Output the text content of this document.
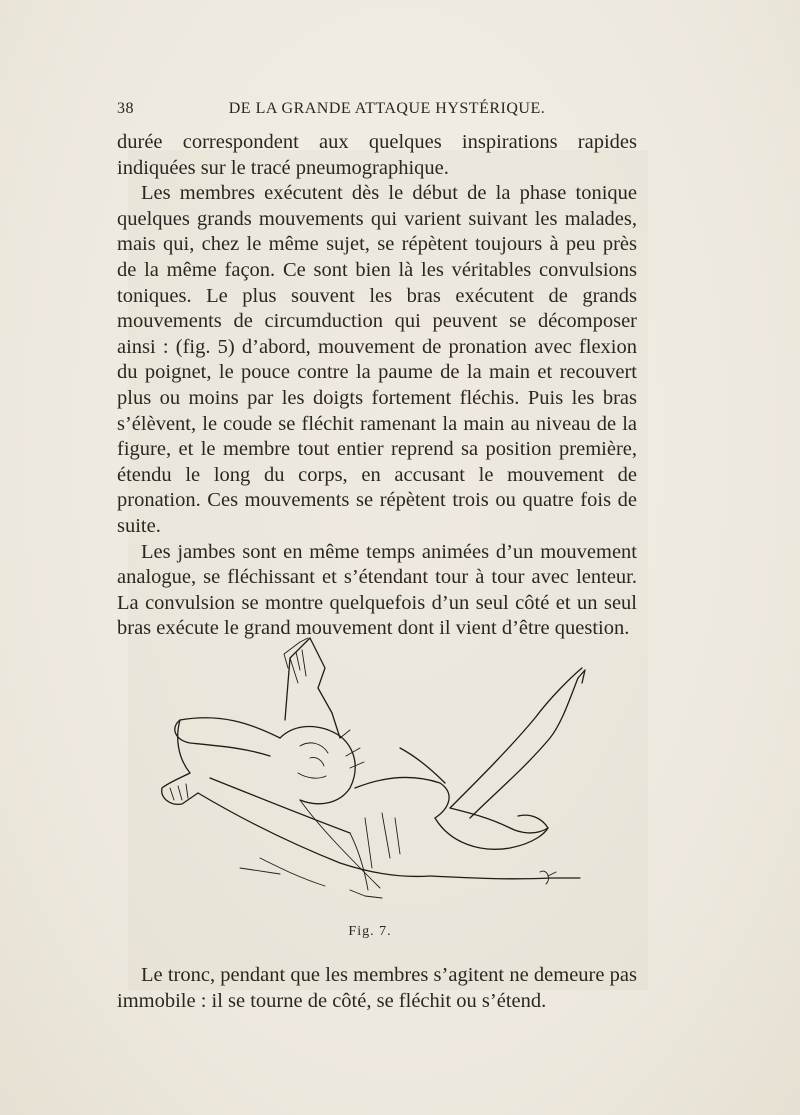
38	DE LA GRANDE ATTAQUE HYSTÉRIQUE.

durée correspondent aux quelques inspirations rapides indiquées sur le tracé pneumographique.

Les membres exécutent dès le début de la phase tonique quelques grands mouvements qui varient suivant les malades, mais qui, chez le même sujet, se répètent toujours à peu près de la même façon. Ce sont bien là les véritables convulsions toniques. Le plus souvent les bras exécutent de grands mouvements de circumduction qui peuvent se décomposer ainsi : (fig. 5) d’abord, mouvement de pronation avec flexion du poignet, le pouce contre la paume de la main et recouvert plus ou moins par les doigts fortement fléchis. Puis les bras s’élèvent, le coude se fléchit ramenant la main au niveau de la figure, et le membre tout entier reprend sa position première, étendu le long du corps, en accusant le mouvement de pronation. Ces mouvements se répètent trois ou quatre fois de suite.

Les jambes sont en même temps animées d’un mouvement analogue, se fléchissant et s’étendant tour à tour avec lenteur. La convulsion se montre quelquefois d’un seul côté et un seul bras exécute le grand mouvement dont il vient d’être question.

Fig. 7.

Le tronc, pendant que les membres s’agitent ne demeure pas immobile : il se tourne de côté, se fléchit ou s’étend.
